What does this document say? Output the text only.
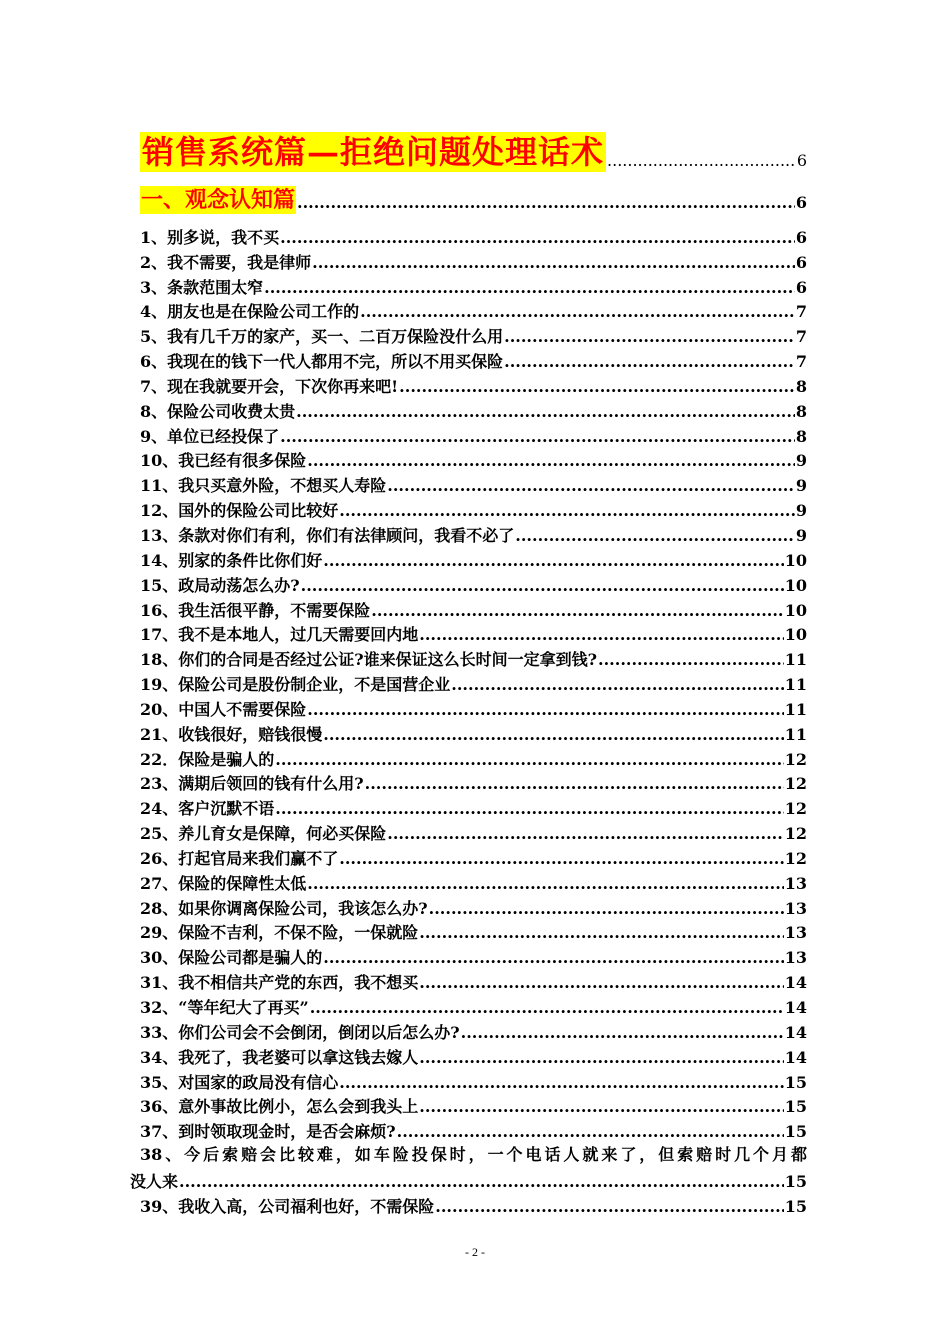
销售系统篇—拒绝问题处理话术 .....	6
一、观念认知篇 .....	6
1、别多说，我不买 .....	6
2、我不需要，我是律师 .....	6
3、条款范围太窄 .....	6
4、朋友也是在保险公司工作的 .....	7
5、我有几千万的家产，买一、二百万保险没什么用 .....	7
6、我现在的钱下一代人都用不完，所以不用买保险 .....	7
7、现在我就要开会，下次你再来吧! .....	8
8、保险公司收费太贵 .....	8
9、单位已经投保了 .....	8
10、我已经有很多保险 .....	9
11、我只买意外险，不想买人寿险 .....	9
12、国外的保险公司比较好 .....	9
13、条款对你们有利，你们有法律顾问，我看不必了 .....	9
14、别家的条件比你们好 .....	10
15、政局动荡怎么办? .....	10
16、我生活很平静，不需要保险 .....	10
17、我不是本地人，过几天需要回内地 .....	10
18、你们的合同是否经过公证?谁来保证这么长时间一定拿到钱? .....	11
19、保险公司是股份制企业，不是国营企业 .....	11
20、中国人不需要保险 .....	11
21、收钱很好，赔钱很慢 .....	11
22．保险是骗人的 .....	12
23、满期后领回的钱有什么用? .....	12
24、客户沉默不语 .....	12
25、养儿育女是保障，何必买保险 .....	12
26、打起官局来我们赢不了 .....	12
27、保险的保障性太低 .....	13
28、如果你调离保险公司，我该怎么办? .....	13
29、保险不吉利，不保不险，一保就险 .....	13
30、保险公司都是骗人的 .....	13
31、我不相信共产党的东西，我不想买 .....	14
32、“等年纪大了再买” .....	14
33、你们公司会不会倒闭，倒闭以后怎么办? .....	14
34、我死了，我老婆可以拿这钱去嫁人 .....	14
35、对国家的政局没有信心 .....	15
36、意外事故比例小，怎么会到我头上 .....	15
37、到时领取现金时，是否会麻烦? .....	15
38、今后索赔会比较难，如车险投保时，一个电话人就来了，但索赔时几个月都
没人来 .....	15
39、我收入高，公司福利也好，不需保险 .....	15
- 2 -
